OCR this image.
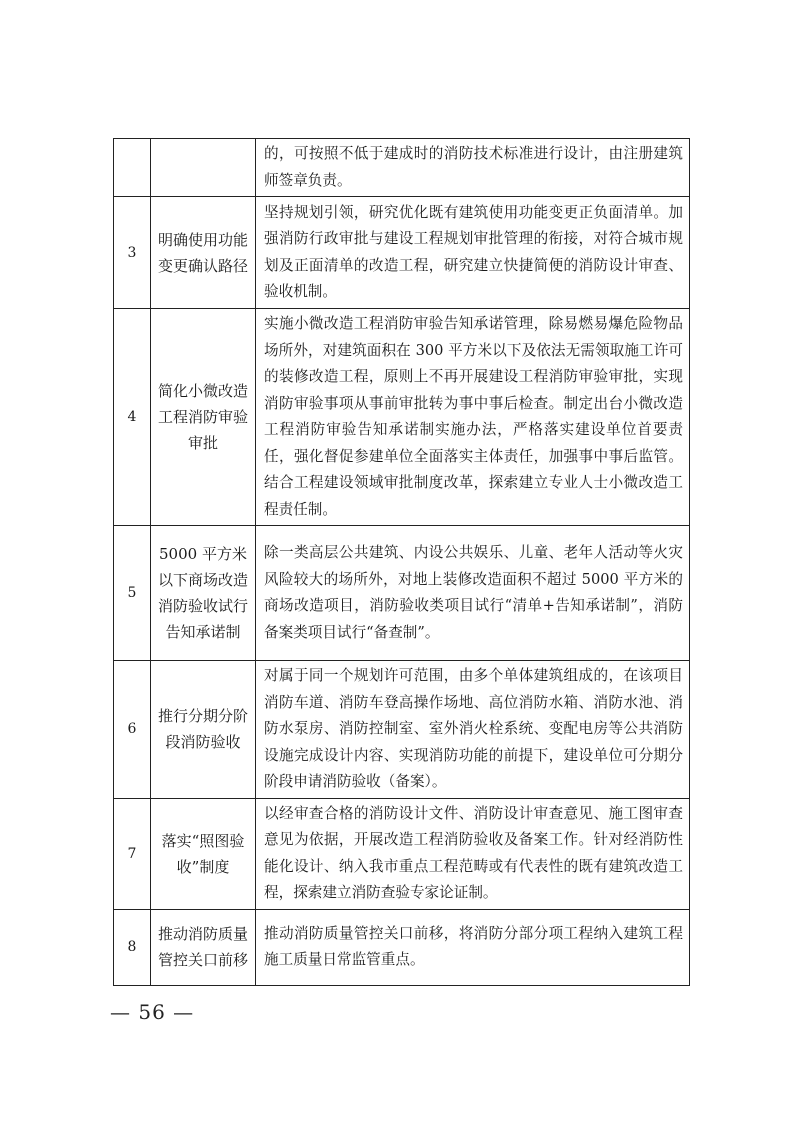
		的，可按照不低于建成时的消防技术标准进行设计，由注册建筑师签章负责。
3	明确使用功能变更确认路径	坚持规划引领，研究优化既有建筑使用功能变更正负面清单。加强消防行政审批与建设工程规划审批管理的衔接，对符合城市规划及正面清单的改造工程，研究建立快捷简便的消防设计审查、验收机制。
4	简化小微改造工程消防审验审批	实施小微改造工程消防审验告知承诺管理，除易燃易爆危险物品场所外，对建筑面积在 300 平方米以下及依法无需领取施工许可的装修改造工程，原则上不再开展建设工程消防审验审批，实现消防审验事项从事前审批转为事中事后检查。制定出台小微改造工程消防审验告知承诺制实施办法，严格落实建设单位首要责任，强化督促参建单位全面落实主体责任，加强事中事后监管。结合工程建设领域审批制度改革，探索建立专业人士小微改造工程责任制。
5	5000 平方米以下商场改造消防验收试行告知承诺制	除一类高层公共建筑、内设公共娱乐、儿童、老年人活动等火灾风险较大的场所外，对地上装修改造面积不超过 5000 平方米的商场改造项目，消防验收类项目试行“清单+告知承诺制”，消防备案类项目试行“备查制”。
6	推行分期分阶段消防验收	对属于同一个规划许可范围，由多个单体建筑组成的，在该项目消防车道、消防车登高操作场地、高位消防水箱、消防水池、消防水泵房、消防控制室、室外消火栓系统、变配电房等公共消防设施完成设计内容、实现消防功能的前提下，建设单位可分期分阶段申请消防验收（备案）。
7	落实“照图验收”制度	以经审查合格的消防设计文件、消防设计审查意见、施工图审查意见为依据，开展改造工程消防验收及备案工作。针对经消防性能化设计、纳入我市重点工程范畴或有代表性的既有建筑改造工程，探索建立消防查验专家论证制。
8	推动消防质量管控关口前移	推动消防质量管控关口前移，将消防分部分项工程纳入建筑工程施工质量日常监管重点。
— 56 —
